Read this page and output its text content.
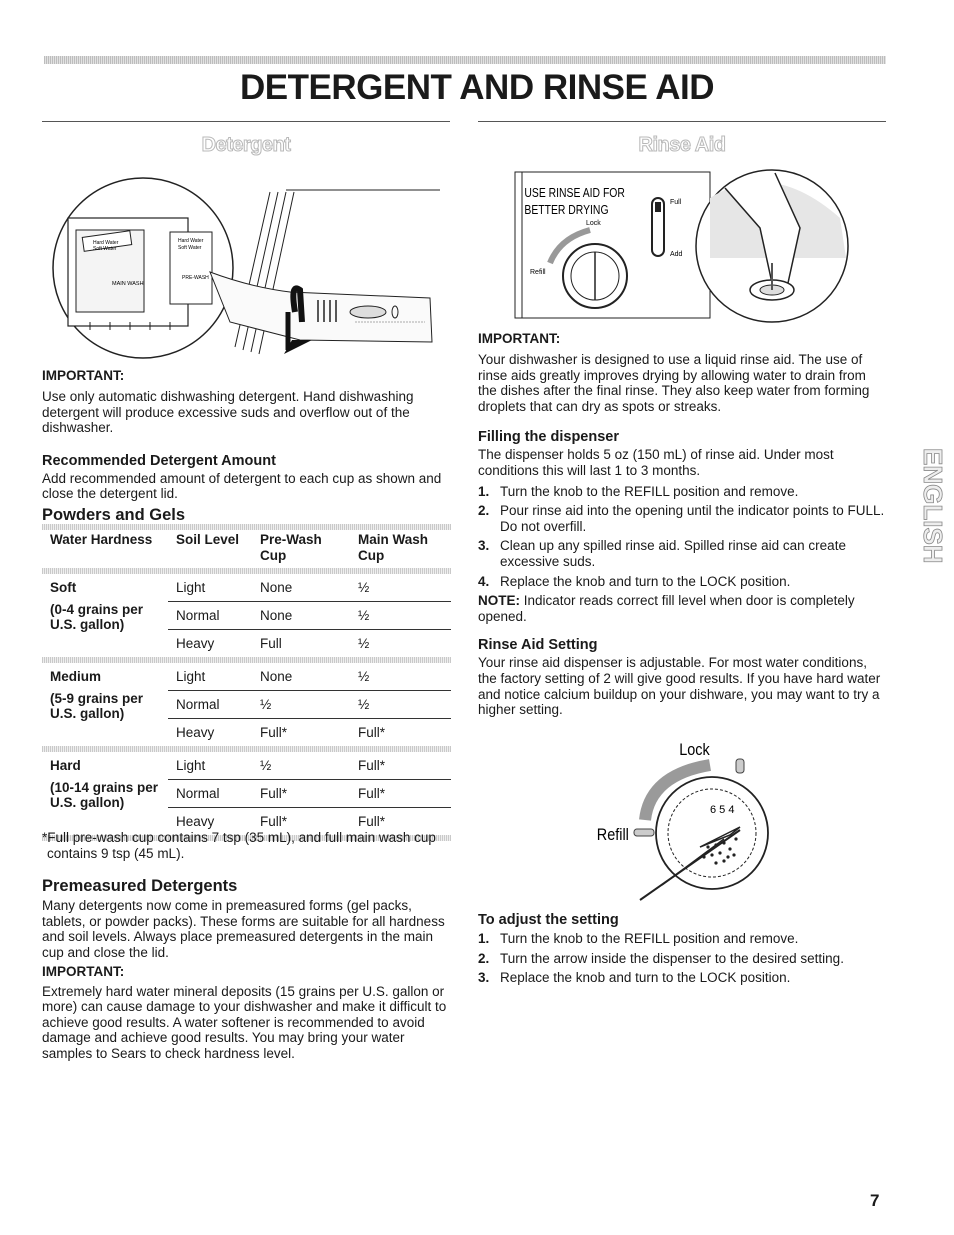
DETERGENT AND RINSE AID
Detergent
Hard Water
Soft Water
MAIN WASH
Hard Water
Soft Water
PRE-WASH
IMPORTANT:

Use only automatic dishwashing detergent. Hand dishwashing detergent will produce excessive suds and overflow out of the dishwasher.

Recommended Detergent Amount

Add recommended amount of detergent to each cup as shown and close the detergent lid.

Powders and Gels
Water Hardness	Soil Level	Pre-Wash Cup	Main Wash Cup
Soft	Light	None	½
(0-4 grains per U.S. gallon)	Normal	None	½
	Heavy	Full	½
Medium	Light	None	½
(5-9 grains per U.S. gallon)	Normal	½	½
	Heavy	Full*	Full*
Hard	Light	½	Full*
(10-14 grains per U.S. gallon)	Normal	Full*	Full*
	Heavy	Full*	Full*

*Full pre-wash cup contains 7 tsp (35 mL), and full main wash cup contains 9 tsp (45 mL).

Premeasured Detergents

Many detergents now come in premeasured forms (gel packs, tablets, or powder packs). These forms are suitable for all hardness and soil levels. Always place premeasured detergents in the main cup and close the lid.

IMPORTANT:

Extremely hard water mineral deposits (15 grains per U.S. gallon or more) can cause damage to your dishwasher and make it difficult to achieve good results. A water softener is recommended to avoid damage and achieve good results. You may bring your water samples to Sears to check hardness level.

Rinse Aid
USE RINSE AID FOR
BETTER DRYING
Lock
Refill
Full
Add
IMPORTANT:

Your dishwasher is designed to use a liquid rinse aid. The use of rinse aids greatly improves drying by allowing water to drain from the dishes after the final rinse. They also keep water from forming droplets that can dry as spots or streaks.

Filling the dispenser

The dispenser holds 5 oz (150 mL) of rinse aid. Under most conditions this will last 1 to 3 months.

1. Turn the knob to the REFILL position and remove.
2. Pour rinse aid into the opening until the indicator points to FULL. Do not overfill.
3. Clean up any spilled rinse aid. Spilled rinse aid can create excessive suds.
4. Replace the knob and turn to the LOCK position.

NOTE: Indicator reads correct fill level when door is completely opened.

Rinse Aid Setting

Your rinse aid dispenser is adjustable. For most water conditions, the factory setting of 2 will give good results. If you have hard water and notice calcium buildup on your dishware, you may want to try a higher setting.

Lock
Refill
6 5 4
To adjust the setting
1. Turn the knob to the REFILL position and remove.
2. Turn the arrow inside the dispenser to the desired setting.
3. Replace the knob and turn to the LOCK position.
ENGLISH
7
